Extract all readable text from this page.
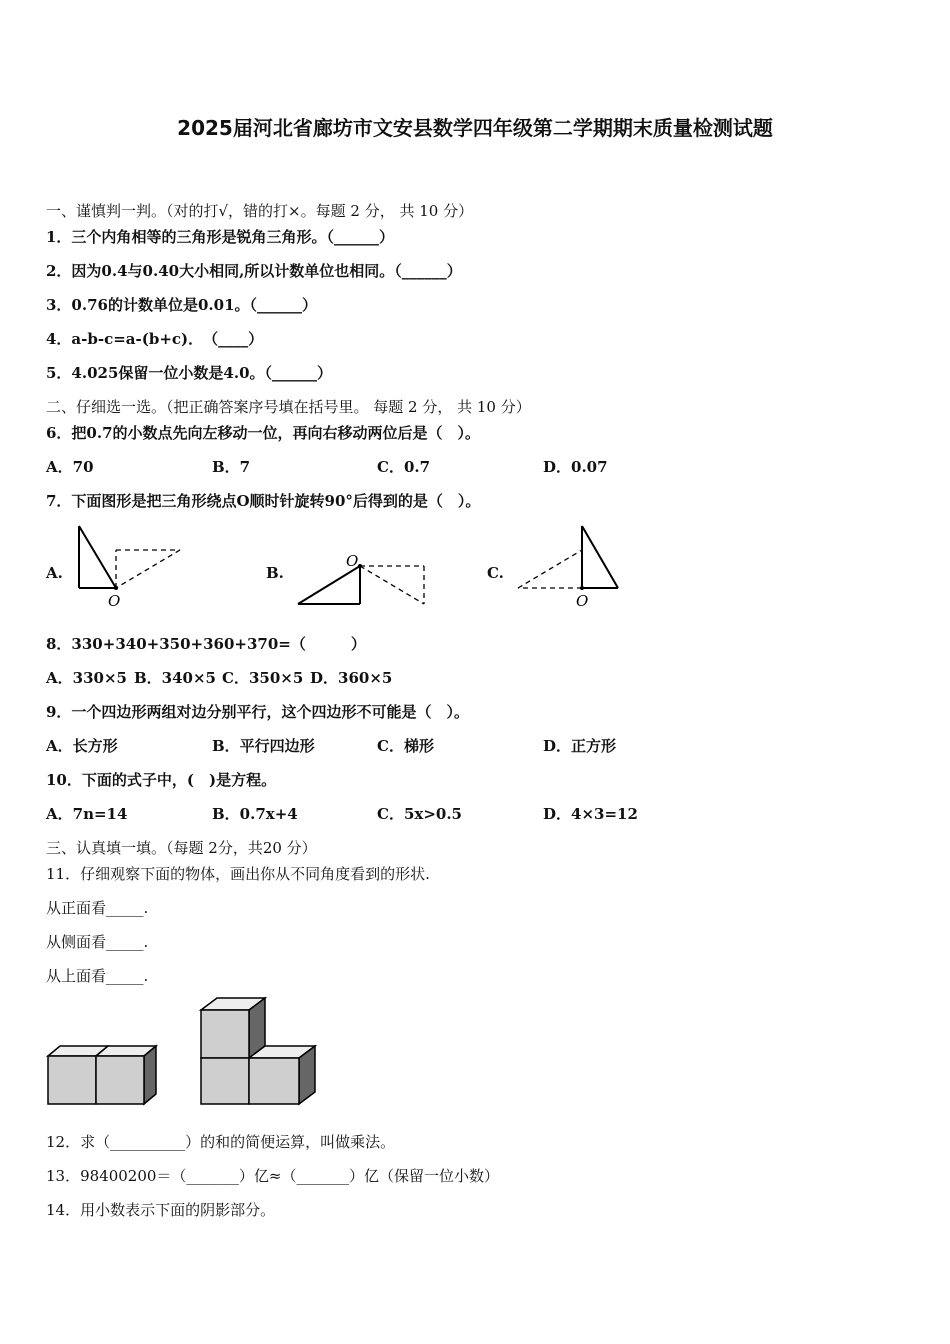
2025届河北省廊坊市文安县数学四年级第二学期期末质量检测试题
一、谨慎判一判。（对的打√，错的打×。每题 2 分， 共 10 分）
1．三个内角相等的三角形是锐角三角形。（______）
2．因为0.4与0.40大小相同,所以计数单位也相同。（______）
3．0.76的计数单位是0.01。（______）
4．a-b-c=a-(b+c)．　（____）
5．4.025保留一位小数是4.0。（______）
二、仔细选一选。（把正确答案序号填在括号里。 每题 2 分， 共 10 分）
6．把0.7的小数点先向左移动一位，再向右移动两位后是（　）。
A．70	B．7	C．0.7	D．0.07
7．下面图形是把三角形绕点O顺时针旋转90°后得到的是（　）。
A.
O
B.
O
C.
O
8．330+340+350+360+370=（　　　）
A．330×5 B．340×5 C．350×5 D．360×5
9．一个四边形两组对边分别平行，这个四边形不可能是（　）。
A．长方形	B．平行四边形	C．梯形	D．正方形
10．下面的式子中，(　)是方程。
A．7n=14	B．0.7x+4	C．5x>0.5	D．4×3=12
三、认真填一填。（每题 2分，共20 分）
11．仔细观察下面的物体，画出你从不同角度看到的形状.
从正面看_____.
从侧面看_____.
从上面看_____.
12．求（__________）的和的简便运算，叫做乘法。
13．98400200＝（_______）亿≈（_______）亿（保留一位小数）
14．用小数表示下面的阴影部分。
